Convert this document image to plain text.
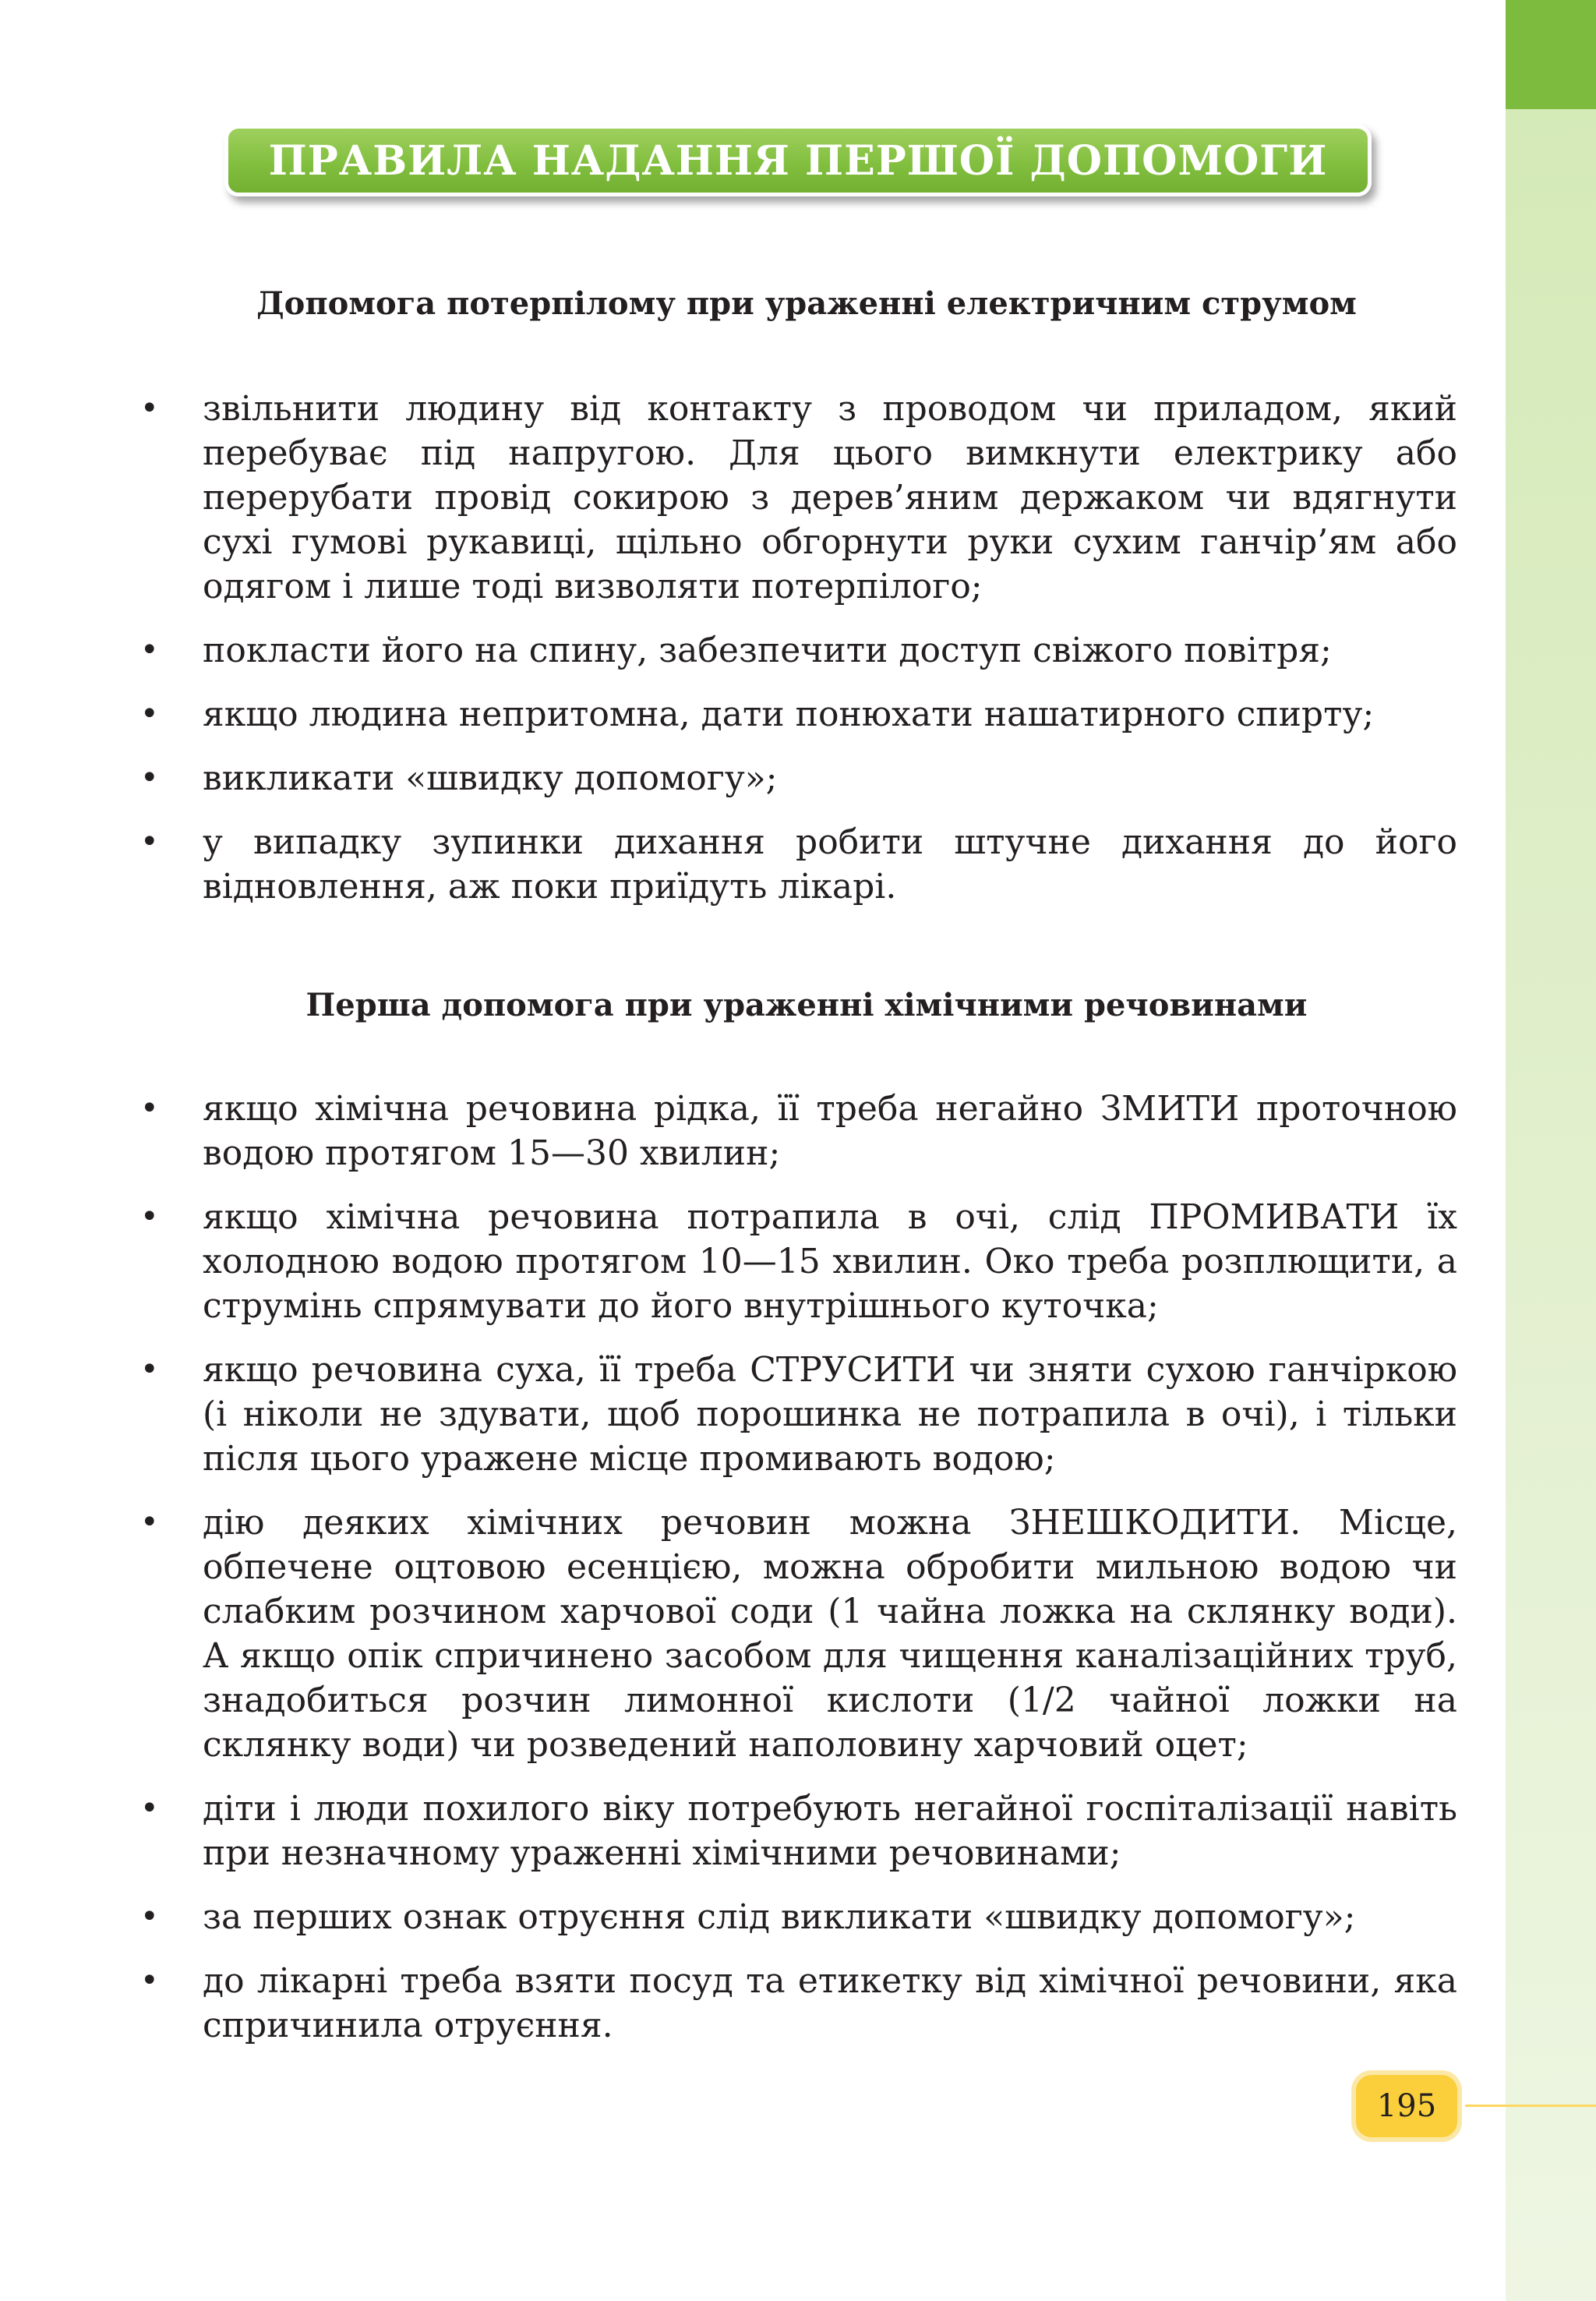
ПРАВИЛА НАДАННЯ ПЕРШОЇ ДОПОМОГИ
Допомога потерпілому при ураженні електричним струмом
• звільнити людину від контакту з проводом чи приладом, який перебуває під напругою. Для цього вимкнути електрику або перерубати провід сокирою з дерев’яним держаком чи вдягнути сухі гумові рукавиці, щільно обгорнути руки сухим ганчір’ям або одягом і лише тоді визволяти потерпілого;
• покласти його на спину, забезпечити доступ свіжого повітря;
• якщо людина непритомна, дати понюхати нашатирного спирту;
• викликати «швидку допомогу»;
• у випадку зупинки дихання робити штучне дихання до його відновлення, аж поки приїдуть лікарі.
Перша допомога при ураженні хімічними речовинами
• якщо хімічна речовина рідка, її треба негайно ЗМИТИ проточною водою протягом 15—30 хвилин;
• якщо хімічна речовина потрапила в очі, слід ПРОМИВАТИ їх холодною водою протягом 10—15 хвилин. Око треба розплющити, а струмінь спрямувати до його внутрішнього куточка;
• якщо речовина суха, її треба СТРУСИТИ чи зняти сухою ганчіркою (і ніколи не здувати, щоб порошинка не потрапила в очі), і тільки після цього уражене місце промивають водою;
• дію деяких хімічних речовин можна ЗНЕШКОДИТИ. Місце, обпечене оцтовою есенцією, можна обробити мильною водою чи слабким розчином харчової соди (1 чайна ложка на склянку води). А якщо опік спричинено засобом для чищення каналізаційних труб, знадобиться розчин лимонної кислоти (1/2 чайної ложки на склянку води) чи розведений наполовину харчовий оцет;
• діти і люди похилого віку потребують негайної госпіталізації навіть при незначному ураженні хімічними речовинами;
• за перших ознак отруєння слід викликати «швидку допомогу»;
• до лікарні треба взяти посуд та етикетку від хімічної речовини, яка спричинила отруєння.
195
